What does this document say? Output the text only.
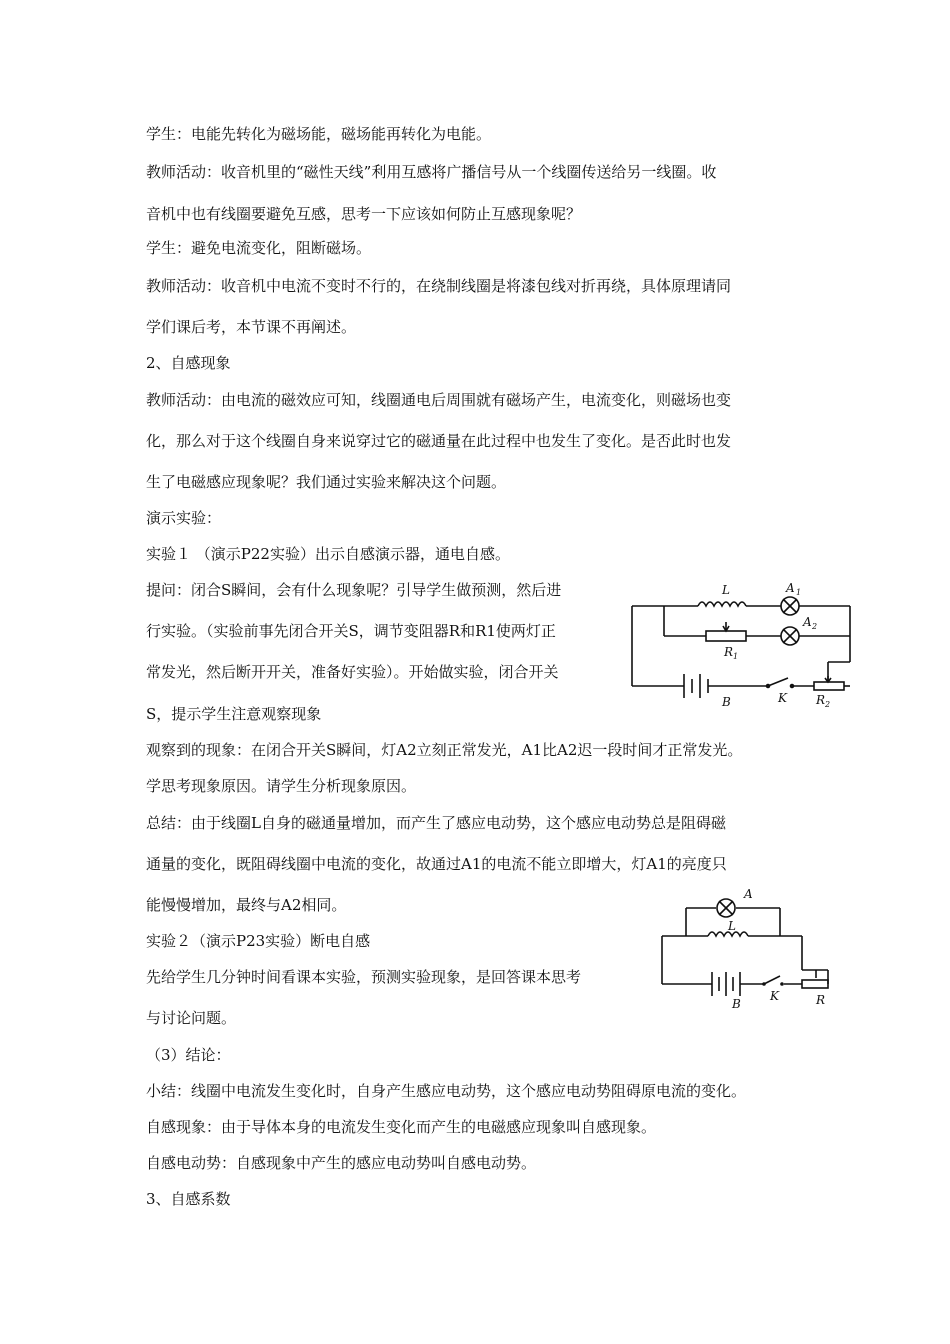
学生：电能先转化为磁场能，磁场能再转化为电能。
教师活动：收音机里的“磁性天线”利用互感将广播信号从一个线圈传送给另一线圈。收
音机中也有线圈要避免互感，思考一下应该如何防止互感现象呢？
学生：避免电流变化，阻断磁场。
教师活动：收音机中电流不变时不行的，在绕制线圈是将漆包线对折再绕，具体原理请同
学们课后考，本节课不再阐述。
2、自感现象
教师活动：由电流的磁效应可知，线圈通电后周围就有磁场产生，电流变化，则磁场也变
化，那么对于这个线圈自身来说穿过它的磁通量在此过程中也发生了变化。是否此时也发
生了电磁感应现象呢？我们通过实验来解决这个问题。
演示实验：
实验１ （演示P22实验）出示自感演示器，通电自感。
提问：闭合S瞬间，会有什么现象呢？引导学生做预测，然后进
行实验。（实验前事先闭合开关S，调节变阻器R和R1使两灯正
常发光，然后断开开关，准备好实验）。开始做实验，闭合开关
S，提示学生注意观察现象
观察到的现象：在闭合开关S瞬间，灯A2立刻正常发光，A1比A2迟一段时间才正常发光。
学思考现象原因。请学生分析现象原因。
总结：由于线圈L自身的磁通量增加，而产生了感应电动势，这个感应电动势总是阻碍磁
通量的变化，既阻碍线圈中电流的变化，故通过A1的电流不能立即增大，灯A1的亮度只
能慢慢增加，最终与A2相同。
实验２（演示P23实验）断电自感
先给学生几分钟时间看课本实验，预测实验现象，是回答课本思考
与讨论问题。
（3）结论：
小结：线圈中电流发生变化时，自身产生感应电动势，这个感应电动势阻碍原电流的变化。
自感现象：由于导体本身的电流发生变化而产生的电磁感应现象叫自感现象。
自感电动势：自感现象中产生的感应电动势叫自感电动势。
3、自感系数
L	A 1
A 2
R 1
B	K R 2
A
L
B
K	R
